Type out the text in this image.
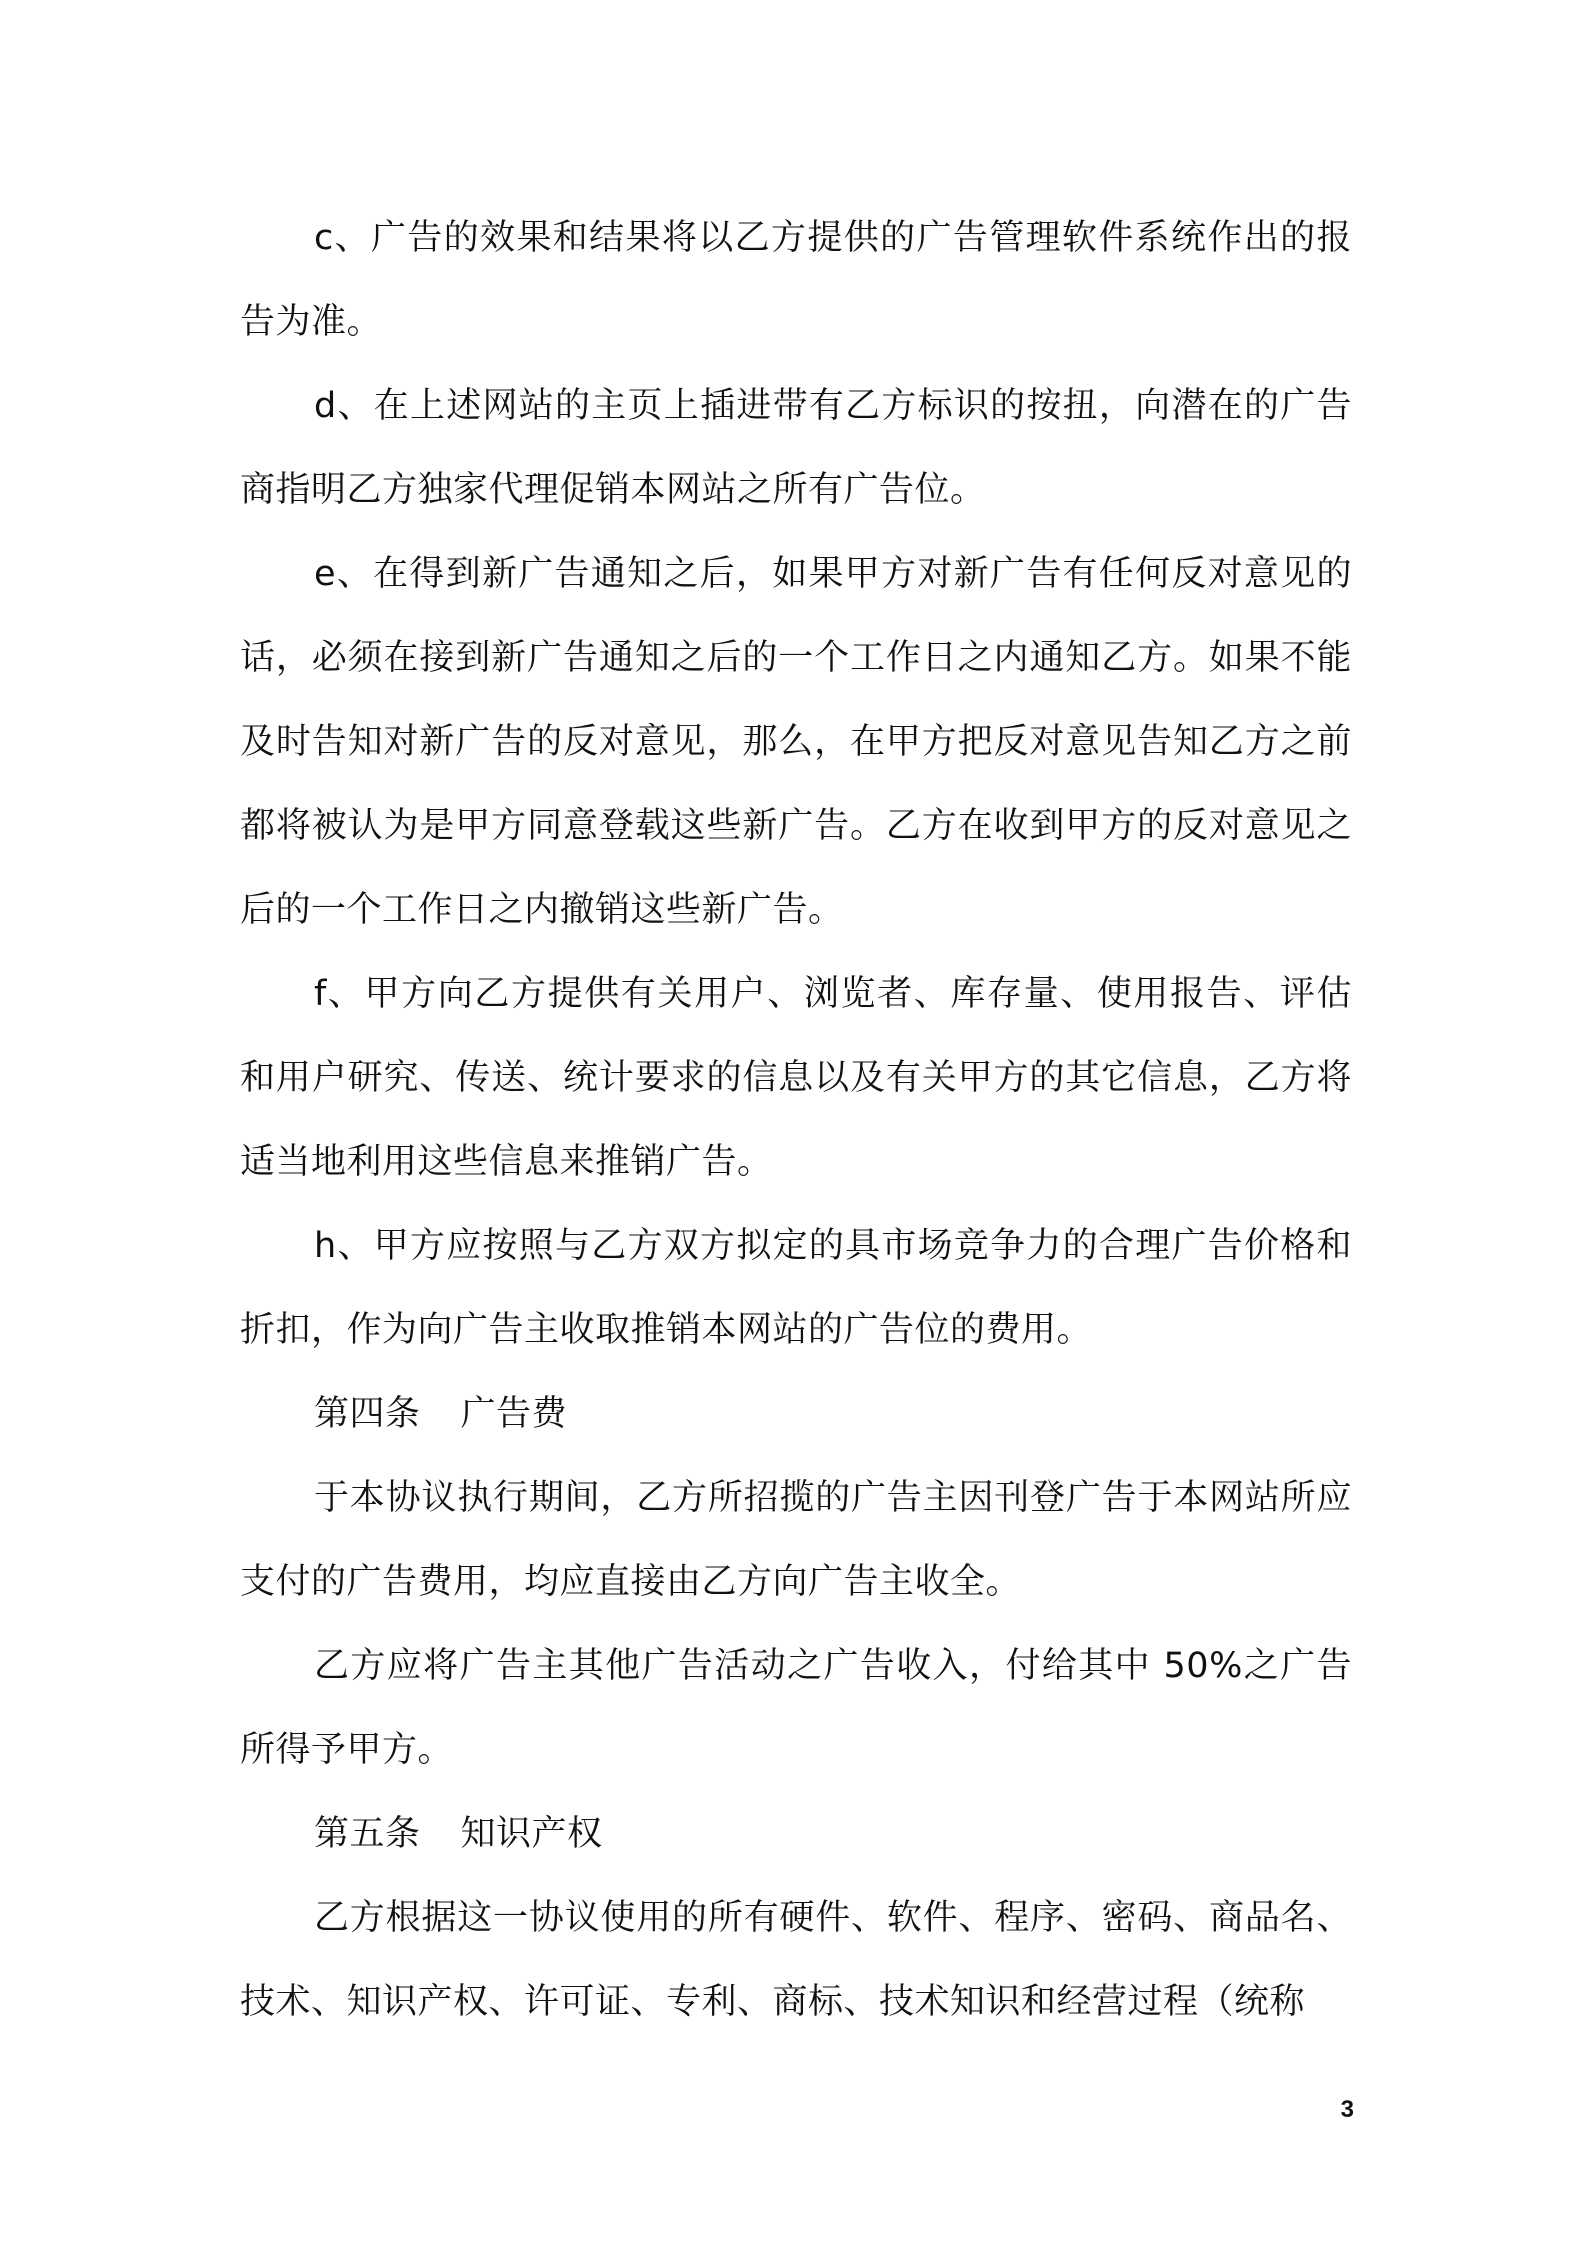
c、广告的效果和结果将以乙方提供的广告管理软件系统作出的报告为准。

d、在上述网站的主页上插进带有乙方标识的按扭，向潜在的广告商指明乙方独家代理促销本网站之所有广告位。

e、在得到新广告通知之后，如果甲方对新广告有任何反对意见的话，必须在接到新广告通知之后的一个工作日之内通知乙方。如果不能及时告知对新广告的反对意见，那么，在甲方把反对意见告知乙方之前都将被认为是甲方同意登载这些新广告。乙方在收到甲方的反对意见之后的一个工作日之内撤销这些新广告。

f、甲方向乙方提供有关用户、浏览者、库存量、使用报告、评估和用户研究、传送、统计要求的信息以及有关甲方的其它信息，乙方将适当地利用这些信息来推销广告。

h、甲方应按照与乙方双方拟定的具市场竞争力的合理广告价格和折扣，作为向广告主收取推销本网站的广告位的费用。

第四条 广告费

于本协议执行期间，乙方所招揽的广告主因刊登广告于本网站所应支付的广告费用，均应直接由乙方向广告主收全。

乙方应将广告主其他广告活动之广告收入，付给其中 50%之广告所得予甲方。

第五条 知识产权

乙方根据这一协议使用的所有硬件、软件、程序、密码、商品名、技术、知识产权、许可证、专利、商标、技术知识和经营过程（统称

3
